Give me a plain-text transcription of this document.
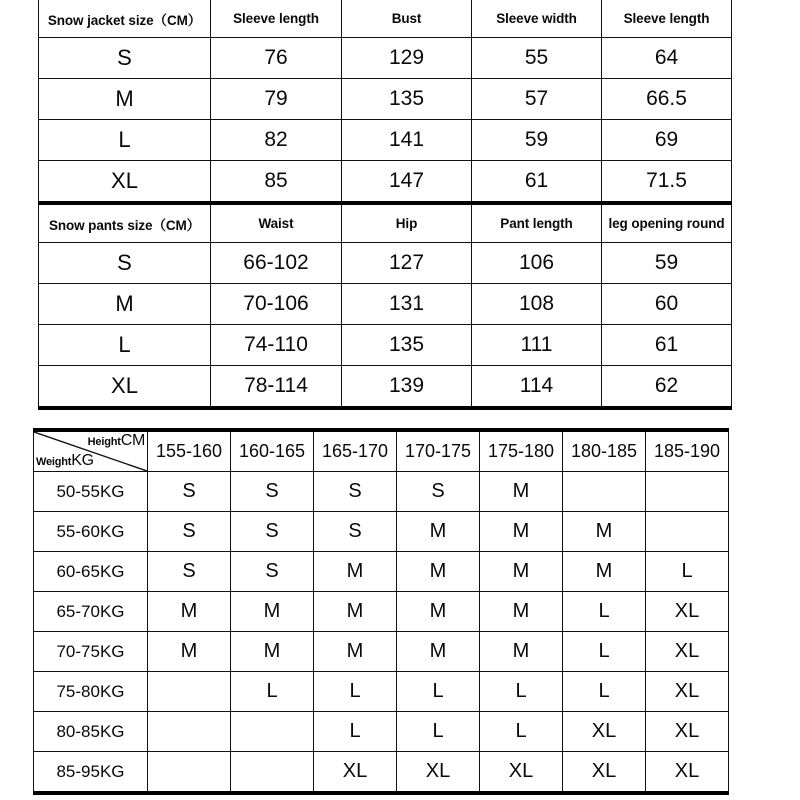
Snow jacket size（CM）	Sleeve length	Bust	Sleeve width	Sleeve length
S	76	129	55	64
M	79	135	57	66.5
L	82	141	59	69
XL	85	147	61	71.5
Snow pants size（CM）	Waist	Hip	Pant length	leg opening round
S	66-102	127	106	59
M	70-106	131	108	60
L	74-110	135	111	61
XL	78-114	139	114	62
HeightCM
WeightKG	155-160	160-165	165-170	170-175	175-180	180-185	185-190
50-55KG	S	S	S	S	M		
55-60KG	S	S	S	M	M	M	
60-65KG	S	S	M	M	M	M	L
65-70KG	M	M	M	M	M	L	XL
70-75KG	M	M	M	M	M	L	XL
75-80KG		L	L	L	L	L	XL
80-85KG			L	L	L	XL	XL
85-95KG			XL	XL	XL	XL	XL
